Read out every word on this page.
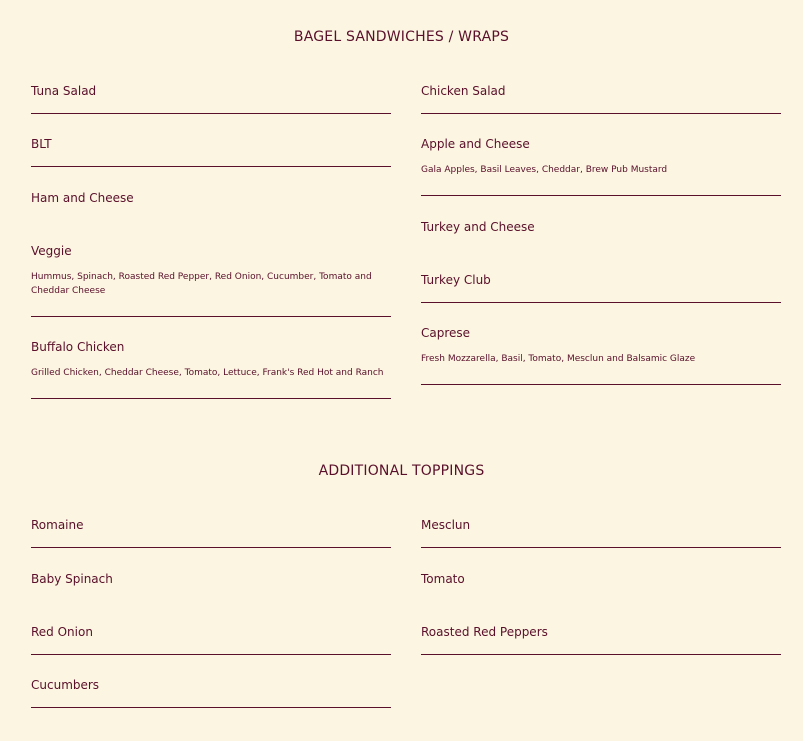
BAGEL SANDWICHES / WRAPS
Tuna Salad
BLT
Ham and Cheese
Veggie
Hummus, Spinach, Roasted Red Pepper, Red Onion, Cucumber, Tomato and Cheddar Cheese
Buffalo Chicken
Grilled Chicken, Cheddar Cheese, Tomato, Lettuce, Frank's Red Hot and Ranch
Chicken Salad
Apple and Cheese
Gala Apples, Basil Leaves, Cheddar, Brew Pub Mustard
Turkey and Cheese
Turkey Club
Caprese
Fresh Mozzarella, Basil, Tomato, Mesclun and Balsamic Glaze
ADDITIONAL TOPPINGS
Romaine
Baby Spinach
Red Onion
Cucumbers
Mesclun
Tomato
Roasted Red Peppers
